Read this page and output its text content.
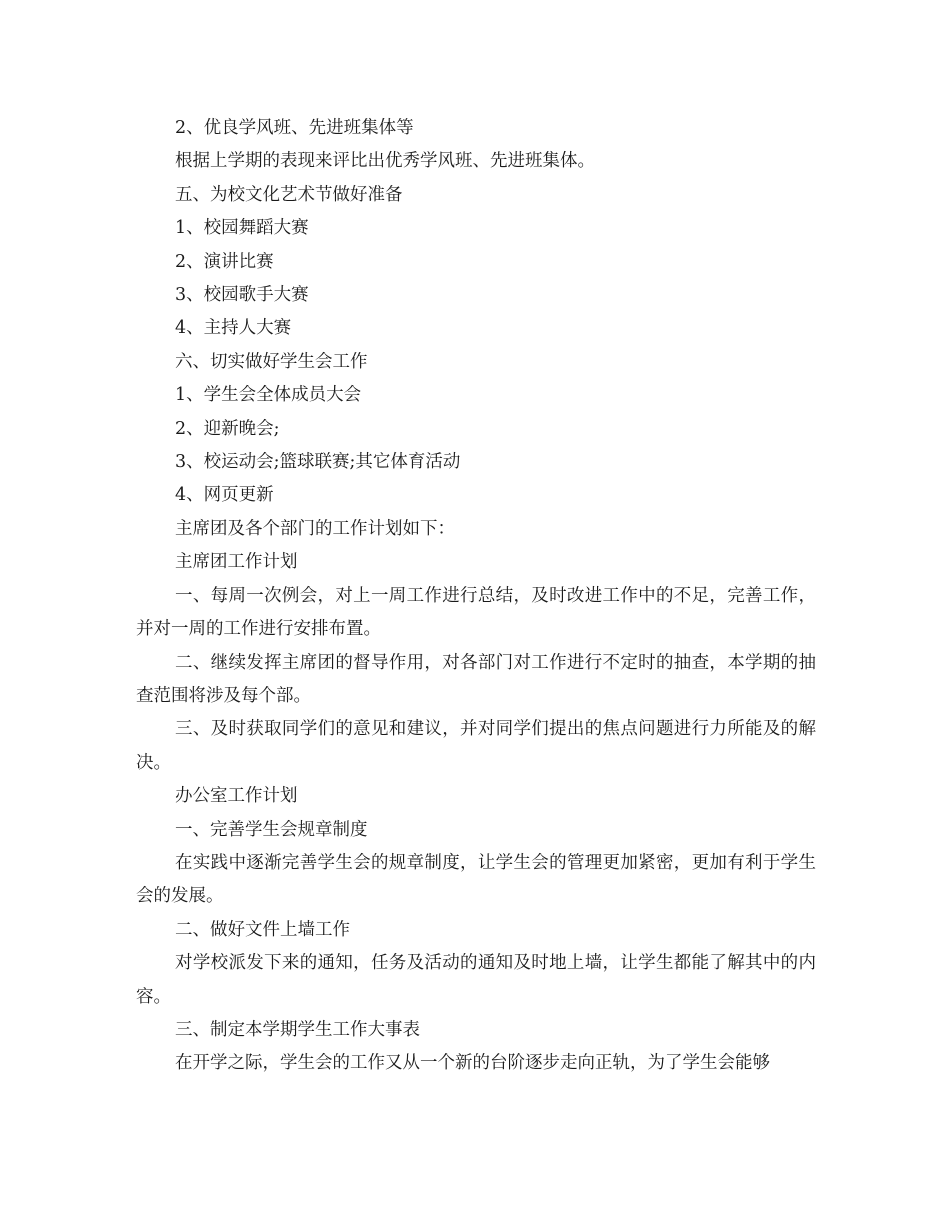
2、优良学风班、先进班集体等

根据上学期的表现来评比出优秀学风班、先进班集体。

五、为校文化艺术节做好准备

1、校园舞蹈大赛

2、演讲比赛

3、校园歌手大赛

4、主持人大赛

六、切实做好学生会工作

1、学生会全体成员大会

2、迎新晚会;

3、校运动会;篮球联赛;其它体育活动

4、网页更新

主席团及各个部门的工作计划如下：

主席团工作计划

一、每周一次例会，对上一周工作进行总结，及时改进工作中的不足，完善工作，并对一周的工作进行安排布置。

二、继续发挥主席团的督导作用，对各部门对工作进行不定时的抽查，本学期的抽查范围将涉及每个部。

三、及时获取同学们的意见和建议，并对同学们提出的焦点问题进行力所能及的解决。

办公室工作计划

一、完善学生会规章制度

在实践中逐渐完善学生会的规章制度，让学生会的管理更加紧密，更加有利于学生会的发展。

二、做好文件上墙工作

对学校派发下来的通知，任务及活动的通知及时地上墙，让学生都能了解其中的内容。

三、制定本学期学生工作大事表

在开学之际，学生会的工作又从一个新的台阶逐步走向正轨，为了学生会能够
